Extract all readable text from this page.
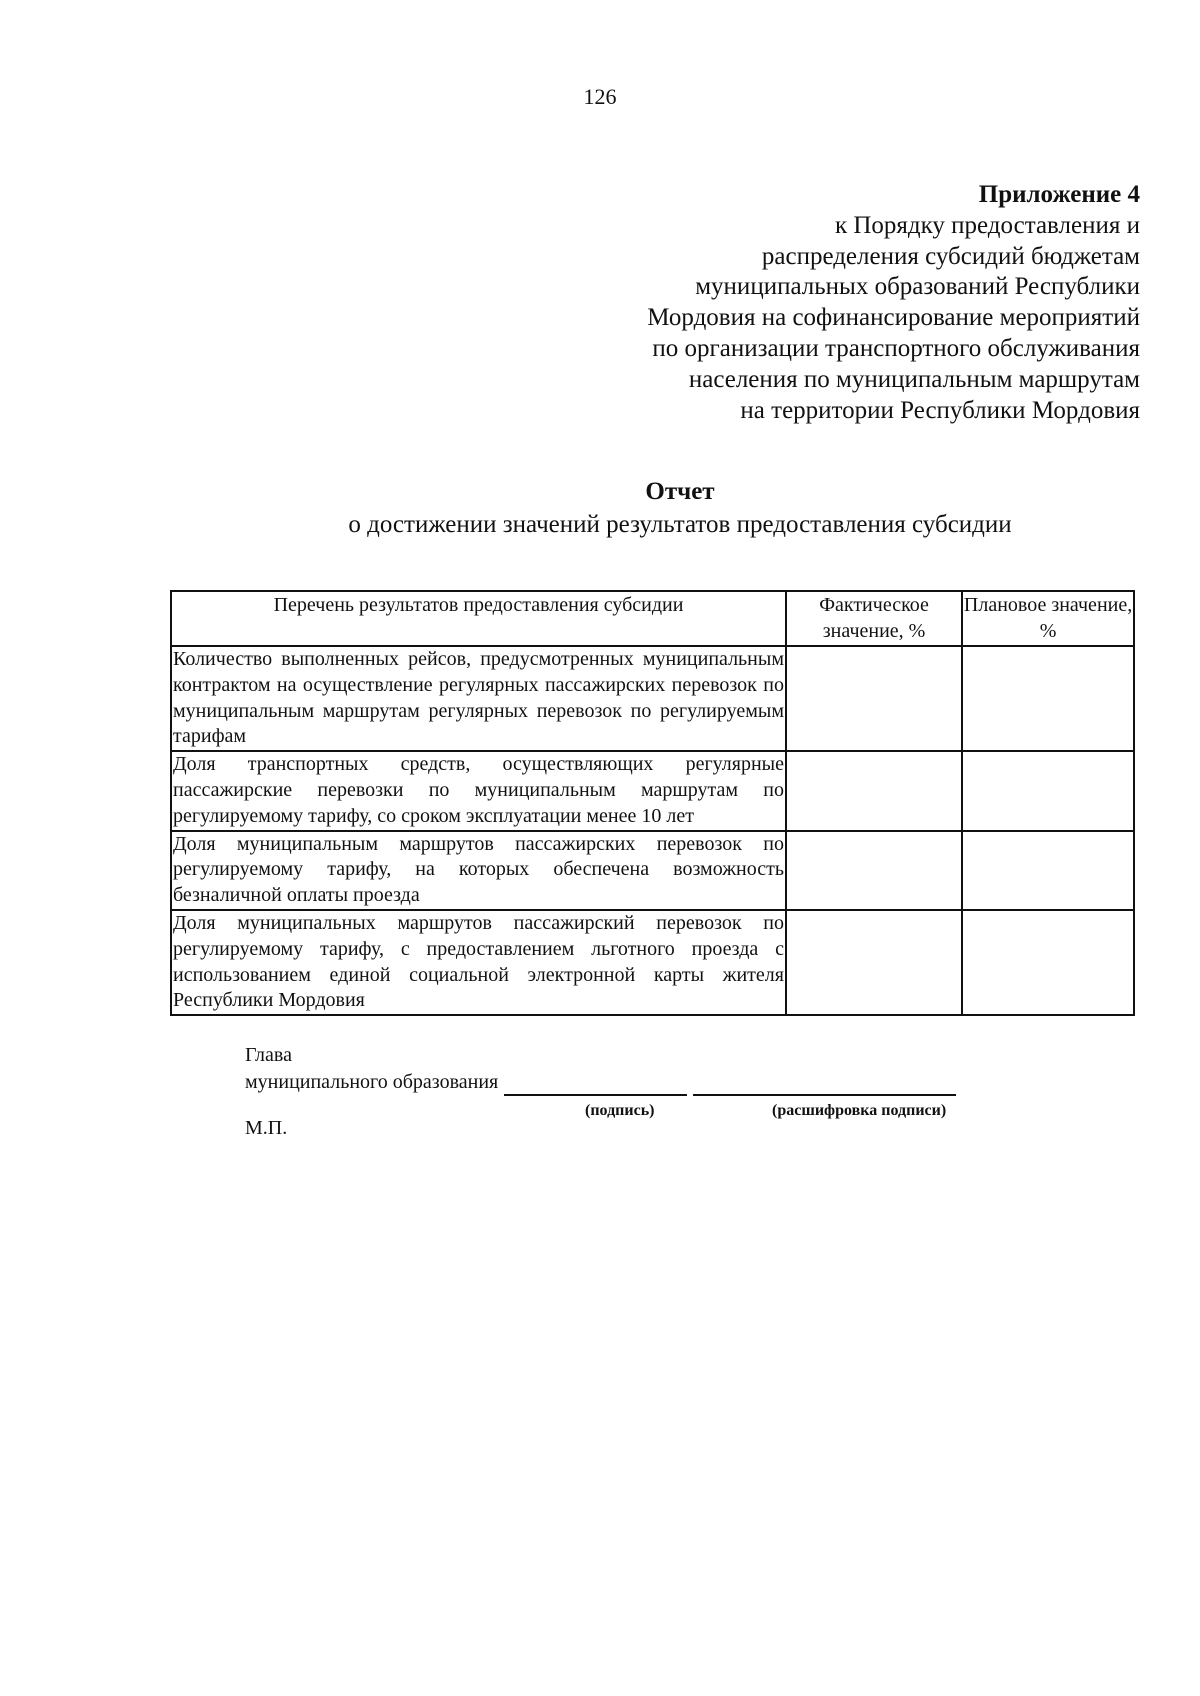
126
Приложение 4
к Порядку предоставления и
распределения субсидий бюджетам
муниципальных образований Республики
Мордовия на софинансирование мероприятий
по организации транспортного обслуживания
населения по муниципальным маршрутам
на территории Республики Мордовия
Отчет
о достижении значений результатов предоставления субсидии
Перечень результатов предоставления субсидии	Фактическое значение, %	Плановое значение, %
Количество выполненных рейсов, предусмотренных муниципальным контрактом на осуществление регулярных пассажирских перевозок по муниципальным маршрутам регулярных перевозок по регулируемым тарифам		
Доля транспортных средств, осуществляющих регулярные пассажирские перевозки по муниципальным маршрутам по регулируемому тарифу, со сроком эксплуатации менее 10 лет		
Доля муниципальным маршрутов пассажирских перевозок по регулируемому тарифу, на которых обеспечена возможность безналичной оплаты проезда		
Доля муниципальных маршрутов пассажирский перевозок по регулируемому тарифу, с предоставлением льготного проезда с использованием единой социальной электронной карты жителя Республики Мордовия		
Глава
муниципального образования
(подпись)	(расшифровка подписи)
М.П.
